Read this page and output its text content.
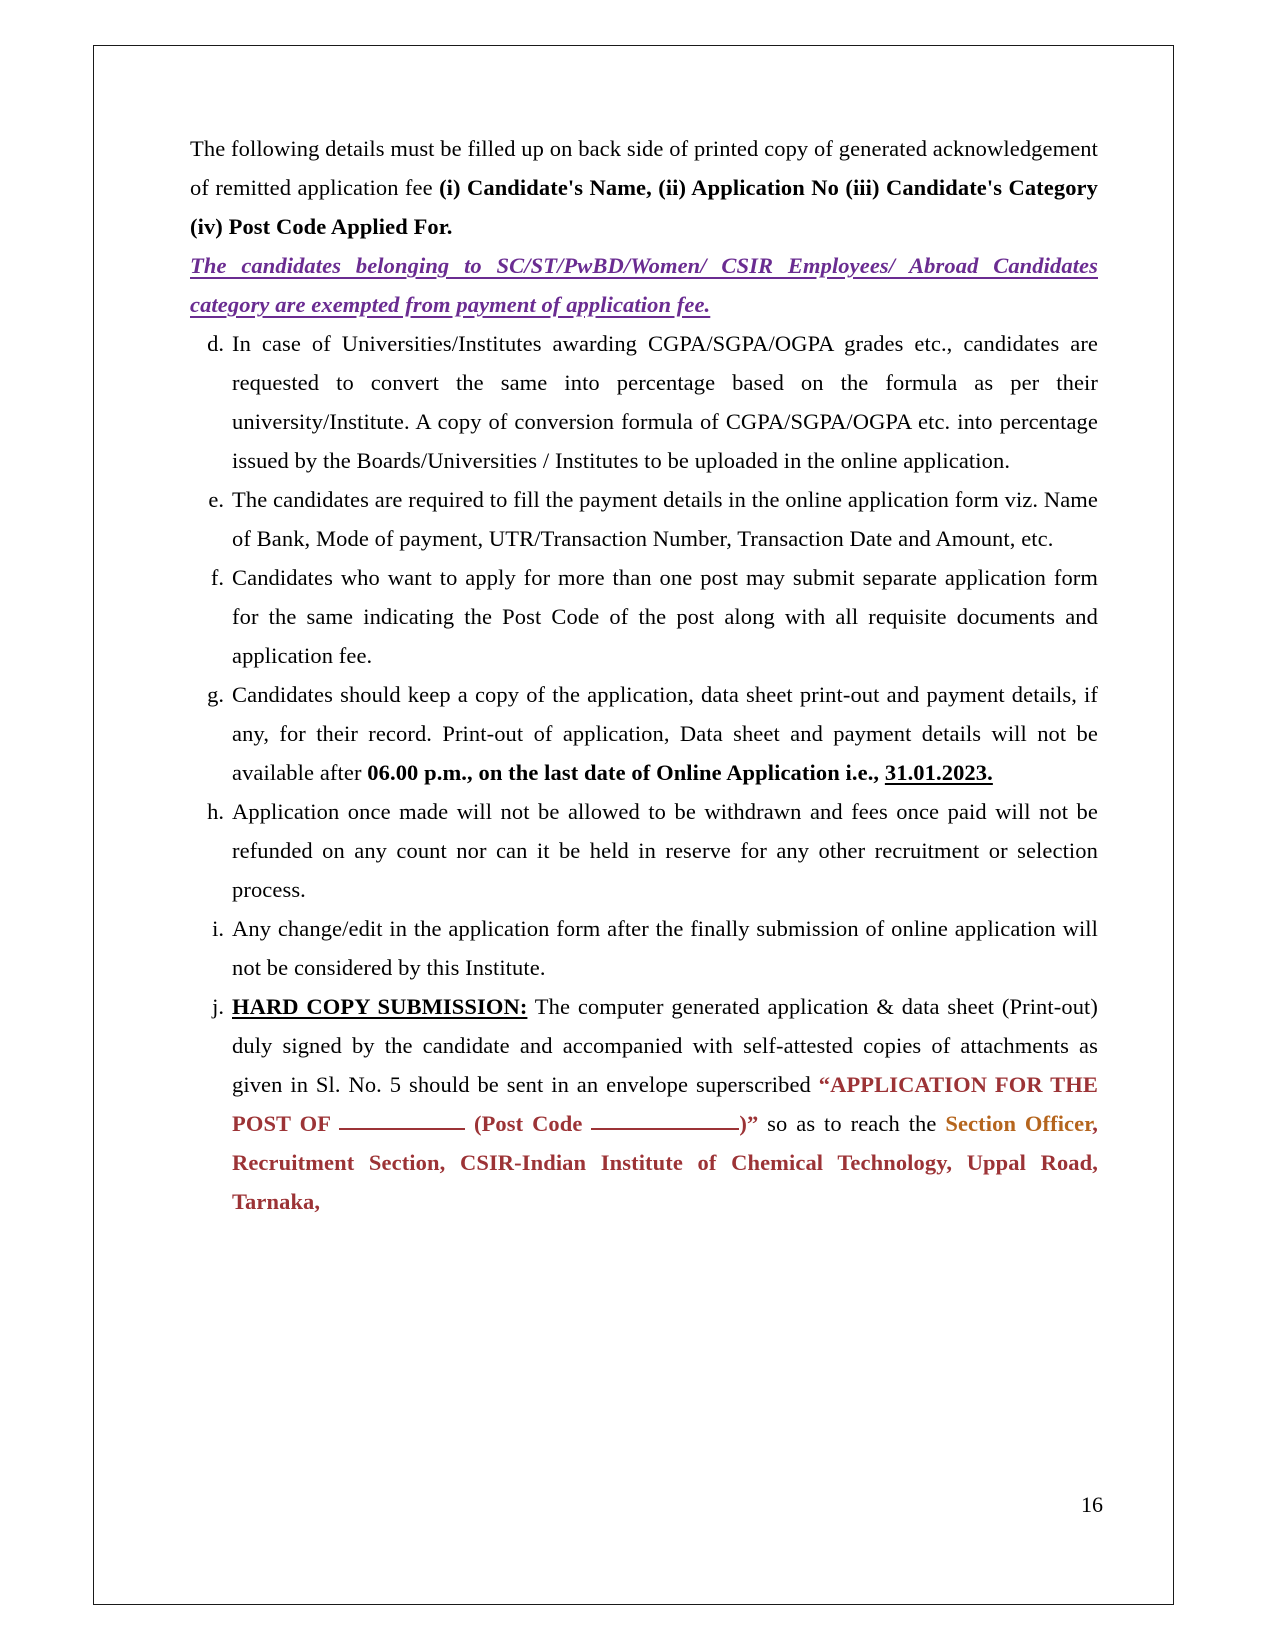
The following details must be filled up on back side of printed copy of generated acknowledgement of remitted application fee (i) Candidate's Name, (ii) Application No (iii) Candidate's Category (iv) Post Code Applied For.

The candidates belonging to SC/ST/PwBD/Women/ CSIR Employees/ Abroad Candidates category are exempted from payment of application fee.

d. In case of Universities/Institutes awarding CGPA/SGPA/OGPA grades etc., candidates are requested to convert the same into percentage based on the formula as per their university/Institute. A copy of conversion formula of CGPA/SGPA/OGPA etc. into percentage issued by the Boards/Universities / Institutes to be uploaded in the online application.

e. The candidates are required to fill the payment details in the online application form viz. Name of Bank, Mode of payment, UTR/Transaction Number, Transaction Date and Amount, etc.

f. Candidates who want to apply for more than one post may submit separate application form for the same indicating the Post Code of the post along with all requisite documents and application fee.

g. Candidates should keep a copy of the application, data sheet print-out and payment details, if any, for their record. Print-out of application, Data sheet and payment details will not be available after 06.00 p.m., on the last date of Online Application i.e., 31.01.2023.

h. Application once made will not be allowed to be withdrawn and fees once paid will not be refunded on any count nor can it be held in reserve for any other recruitment or selection process.

i. Any change/edit in the application form after the finally submission of online application will not be considered by this Institute.

j. HARD COPY SUBMISSION: The computer generated application & data sheet (Print-out) duly signed by the candidate and accompanied with self-attested copies of attachments as given in Sl. No. 5 should be sent in an envelope superscribed “APPLICATION FOR THE POST OF	(Post Code	)” so as to reach the Section Officer, Recruitment Section, CSIR-Indian Institute of Chemical Technology, Uppal Road, Tarnaka,

16
